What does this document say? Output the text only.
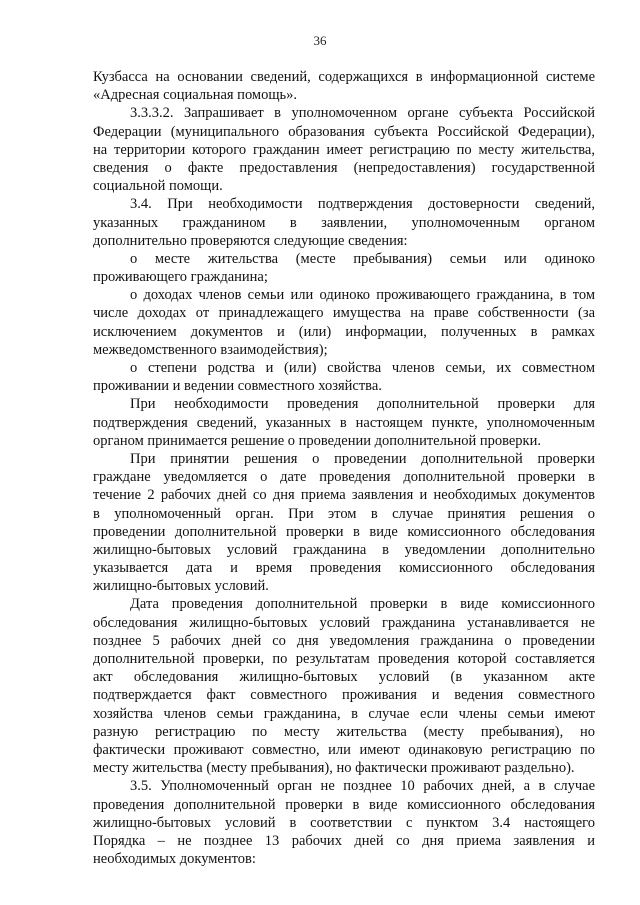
36
Кузбасса на основании сведений, содержащихся в информационной системе
«Адресная социальная помощь».
3.3.3.2. Запрашивает в уполномоченном органе субъекта Российской
Федерации (муниципального образования субъекта Российской Федерации),
на территории которого гражданин имеет регистрацию по месту жительства,
сведения о факте предоставления (непредоставления) государственной
социальной помощи.
3.4. При необходимости подтверждения достоверности сведений,
указанных гражданином в заявлении, уполномоченным органом
дополнительно проверяются следующие сведения:
о месте жительства (месте пребывания) семьи или одиноко
проживающего гражданина;
о доходах членов семьи или одиноко проживающего гражданина, в том
числе доходах от принадлежащего имущества на праве собственности (за
исключением документов и (или) информации, полученных в рамках
межведомственного взаимодействия);
о степени родства и (или) свойства членов семьи, их совместном
проживании и ведении совместного хозяйства.
При необходимости проведения дополнительной проверки для
подтверждения сведений, указанных в настоящем пункте, уполномоченным
органом принимается решение о проведении дополнительной проверки.
При принятии решения о проведении дополнительной проверки
граждане уведомляется о дате проведения дополнительной проверки в
течение 2 рабочих дней со дня приема заявления и необходимых документов
в уполномоченный орган. При этом в случае принятия решения о
проведении дополнительной проверки в виде комиссионного обследования
жилищно-бытовых условий гражданина в уведомлении дополнительно
указывается дата и время проведения комиссионного обследования
жилищно-бытовых условий.
Дата проведения дополнительной проверки в виде комиссионного
обследования жилищно-бытовых условий гражданина устанавливается не
позднее 5 рабочих дней со дня уведомления гражданина о проведении
дополнительной проверки, по результатам проведения которой составляется
акт обследования жилищно-бытовых условий (в указанном акте
подтверждается факт совместного проживания и ведения совместного
хозяйства членов семьи гражданина, в случае если члены семьи имеют
разную регистрацию по месту жительства (месту пребывания), но
фактически проживают совместно, или имеют одинаковую регистрацию по
месту жительства (месту пребывания), но фактически проживают раздельно).
3.5. Уполномоченный орган не позднее 10 рабочих дней, а в случае
проведения дополнительной проверки в виде комиссионного обследования
жилищно-бытовых условий в соответствии с пунктом 3.4 настоящего
Порядка – не позднее 13 рабочих дней со дня приема заявления и
необходимых документов:
